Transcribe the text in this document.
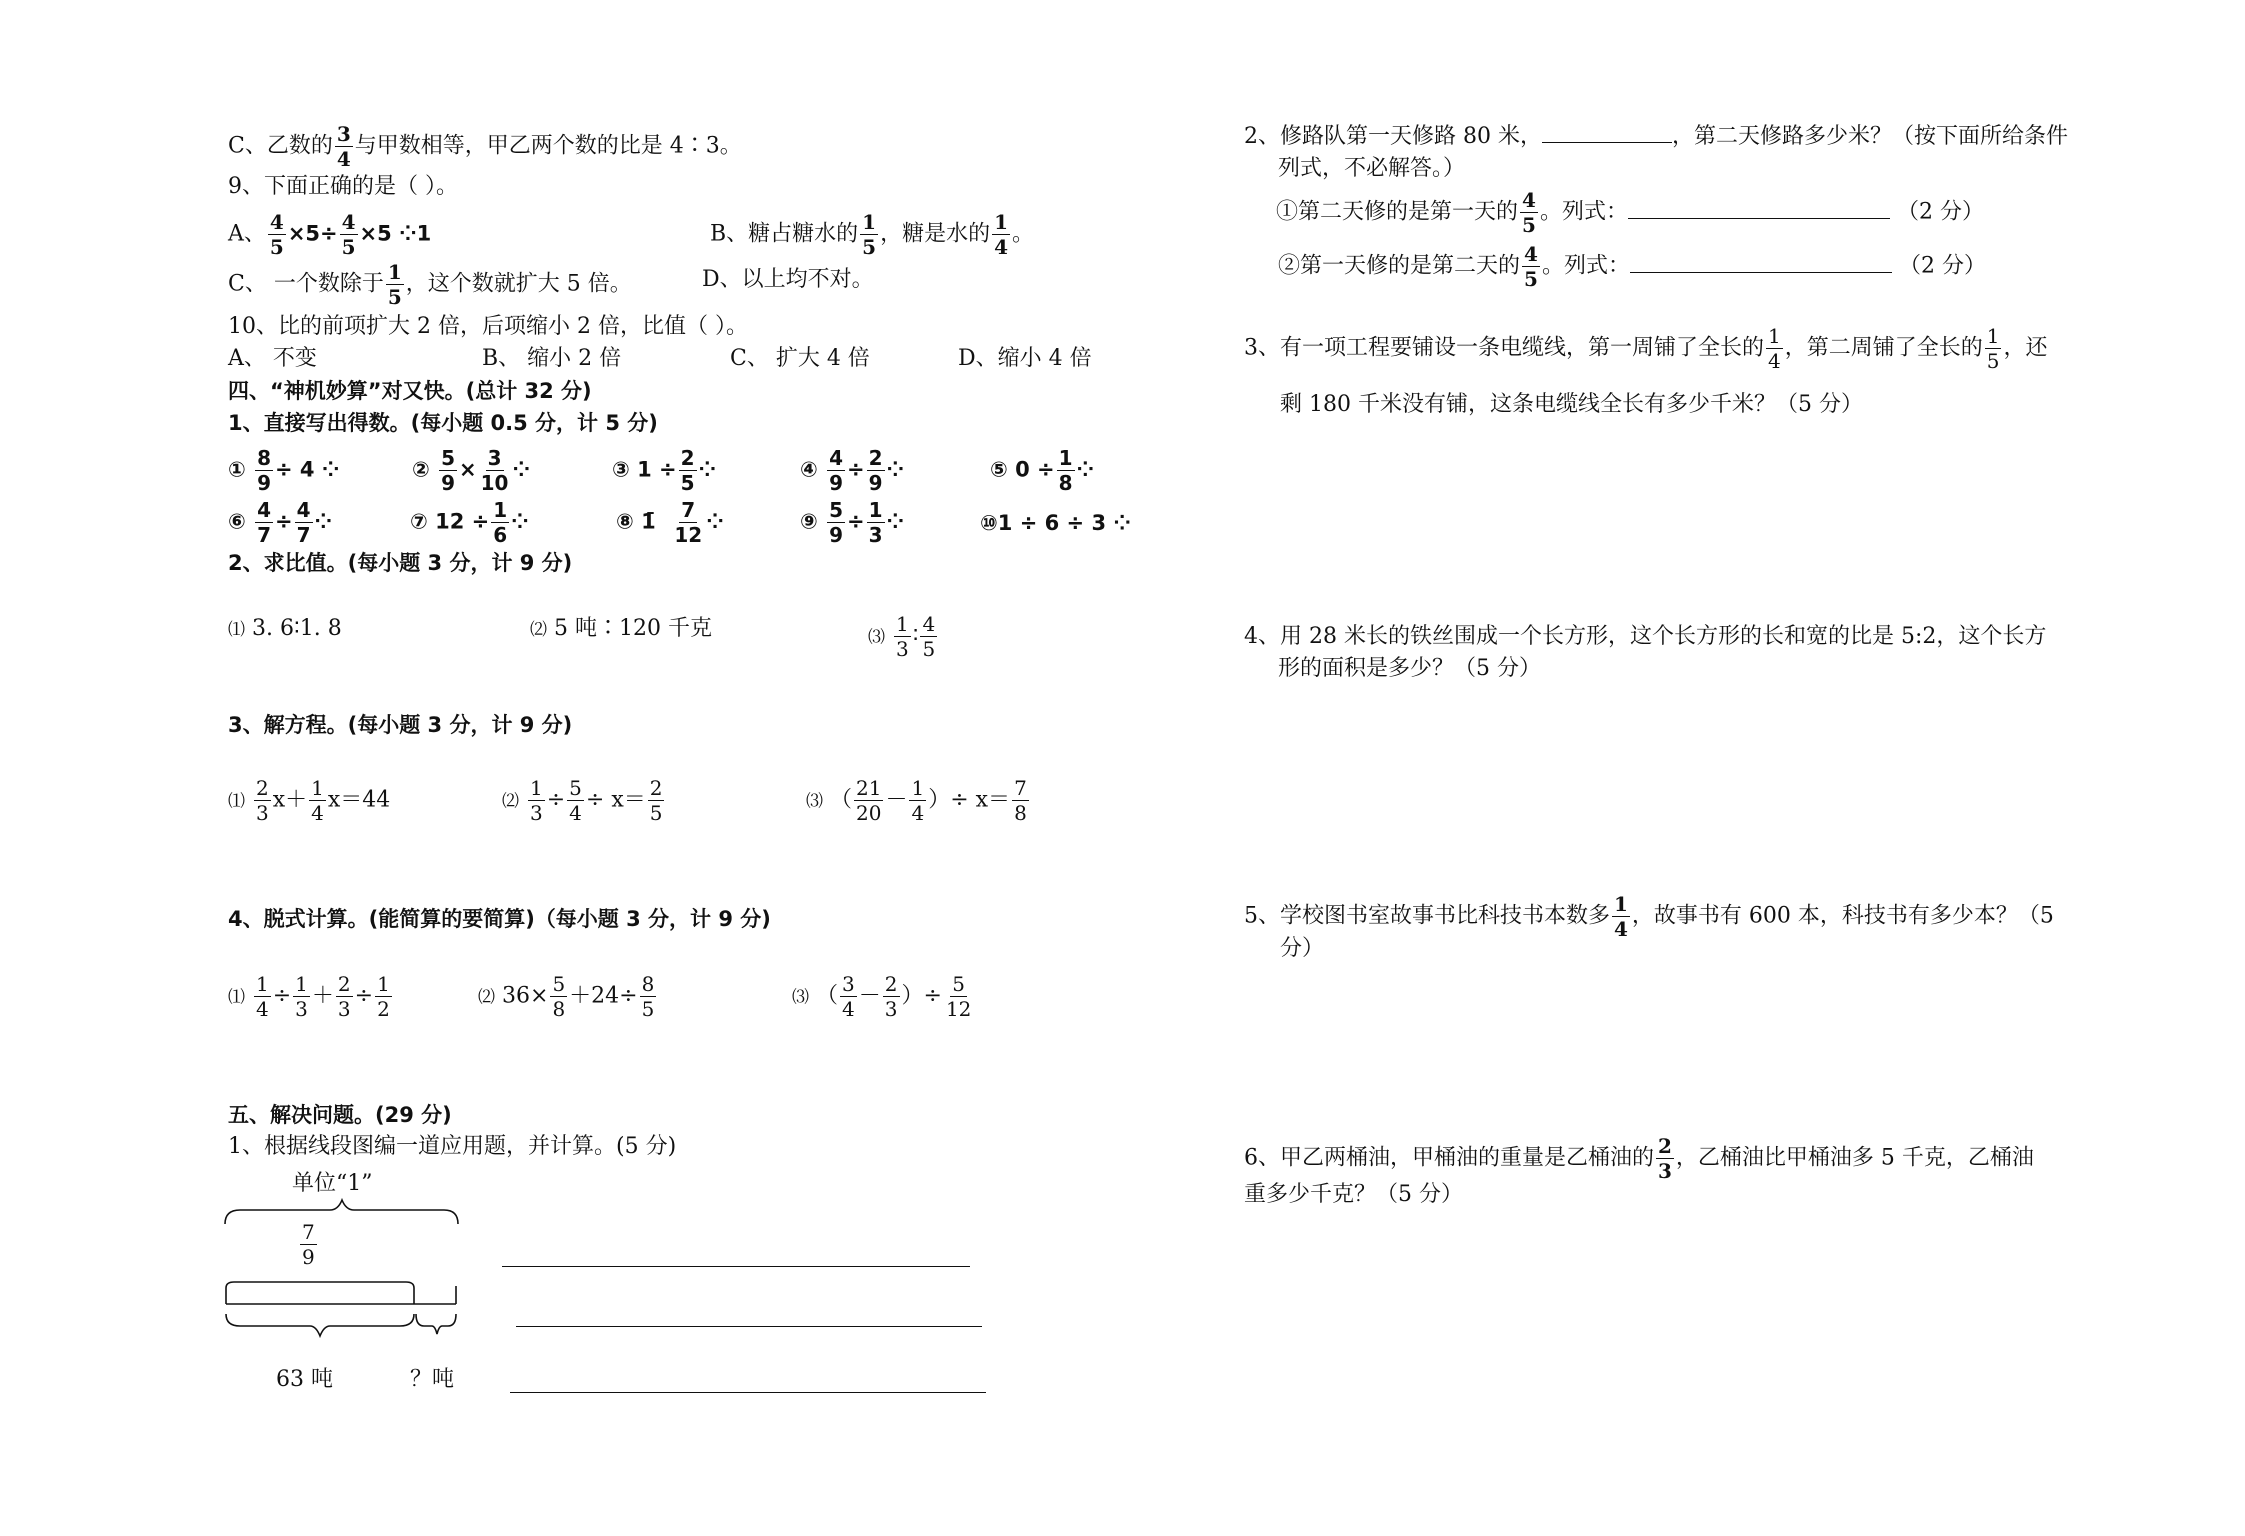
C、乙数的 $\frac{3}{4}$ 与甲数相等，甲乙两个数的比是 4∶3。
9、下面正确的是（ ）。
A、 $\frac{4}{5} \times 5\div \frac{4}{5} \times 5$ ⁘1	B、糖占糖水的 $\frac{1}{5}$ ，糖是水的 $\frac{1}{4}$ 。
C、 一个数除于 $\frac{1}{5}$ ，这个数就扩大 5 倍。	D、以上均不对。
10、比的前项扩大 2 倍，后项缩小 2 倍，比值（ ）。
A、 不变	B、 缩小 2 倍	C、 扩大 4 倍	D、缩小 4 倍
四、“神机妙算”对又快。(总计 32 分)
1、直接写出得数。(每小题 0.5 分，计 5 分)
① $\frac{8}{9} \div 4$ ⁘	② $\frac{5}{9} \times \frac{3}{10}$ ⁘	③ $1 \div \frac{2}{5}$ ⁘	④ $\frac{4}{9} \div \frac{2}{9}$ ⁘	⑤ $0 \div \frac{1}{8}$ ⁘
⑥ $\frac{4}{7} \div \frac{4}{7}$ ⁘	⑦ $12 \div \frac{1}{6}$ ⁘	⑧ 1̄ $\frac{7}{12}$ ⁘	⑨ $\frac{5}{9} \div \frac{1}{3}$ ⁘	⑩1 ÷ 6 ÷ 3 ⁘
2、求比值。(每小题 3 分，计 9 分)
⑴ 3. 6∶1. 8	⑵ 5 吨∶120 千克	⑶ $\frac{1}{3}$ ∶ $\frac{4}{5}$
3、解方程。(每小题 3 分，计 9 分)
⑴ $\frac{2}{3} x+ \frac{1}{4} x=44$	⑵ $\frac{1}{3} \div \frac{5}{4} \div x= \frac{2}{5}$	⑶ （ $\frac{21}{20} - \frac{1}{4}$ ）÷ $x= \frac{7}{8}$
4、脱式计算。(能简算的要简算)（每小题 3 分，计 9 分)
⑴ $\frac{1}{4} \div \frac{1}{3} + \frac{2}{3} \div \frac{1}{2}$	⑵ $36\times \frac{5}{8} +24\div \frac{8}{5}$	⑶ （ $\frac{3}{4} - \frac{2}{3}$ ）÷ $\frac{5}{12}$
五、解决问题。(29 分)
1、根据线段图编一道应用题，并计算。(5 分)
单位“1”
$\frac{7}{9}$
63 吨	？吨
2、修路队第一天修路 80 米，	，第二天修路多少米？（按下面所给条件
列式，不必解答。）
①第二天修的是第一天的 $\frac{4}{5}$ 。列式：	（2 分）
②第一天修的是第二天的 $\frac{4}{5}$ 。列式：	（2 分）
3、有一项工程要铺设一条电缆线，第一周铺了全长的 $\frac{1}{4}$ ，第二周铺了全长的 $\frac{1}{5}$ ，还
剩 180 千米没有铺，这条电缆线全长有多少千米？（5 分）
4、用 28 米长的铁丝围成一个长方形，这个长方形的长和宽的比是 5:2，这个长方
形的面积是多少？（5 分）
5、学校图书室故事书比科技书本数多 $\frac{1}{4}$ ，故事书有 600 本，科技书有多少本？（5
分）
6、甲乙两桶油，甲桶油的重量是乙桶油的 $\frac{2}{3}$ ，乙桶油比甲桶油多 5 千克，乙桶油
重多少千克？（5 分）
